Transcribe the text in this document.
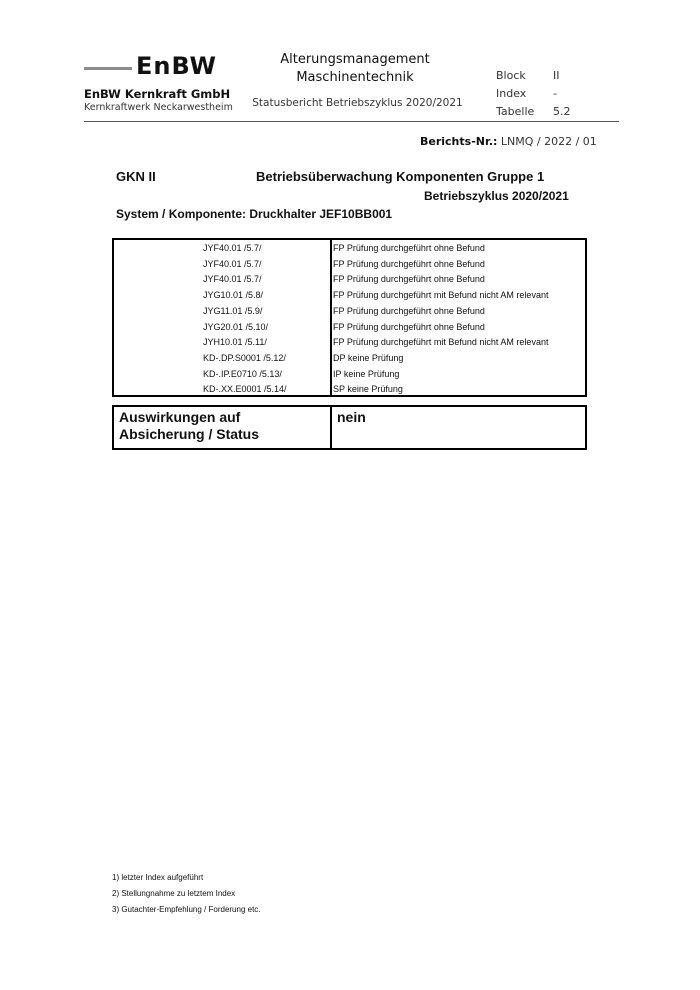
EnBW
EnBW Kernkraft GmbH
Kernkraftwerk Neckarwestheim
Alterungsmanagement
Maschinentechnik
Statusbericht Betriebszyklus 2020/2021
Block II
Index -
Tabelle 5.2
Berichts-Nr.: LNMQ / 2022 / 01
GKN II	Betriebsüberwachung Komponenten Gruppe 1
Betriebszyklus 2020/2021
System / Komponente: Druckhalter JEF10BB001
JYF40.01 /5.7/	FP Prüfung durchgeführt ohne Befund
JYF40.01 /5.7/	FP Prüfung durchgeführt ohne Befund
JYF40.01 /5.7/	FP Prüfung durchgeführt ohne Befund
JYG10.01 /5.8/	FP Prüfung durchgeführt mit Befund nicht AM relevant
JYG11.01 /5.9/	FP Prüfung durchgeführt ohne Befund
JYG20.01 /5.10/	FP Prüfung durchgeführt ohne Befund
JYH10.01 /5.11/	FP Prüfung durchgeführt mit Befund nicht AM relevant
KD-.DP.S0001 /5.12/	DP keine Prüfung
KD-.IP.E0710 /5.13/	IP keine Prüfung
KD-.XX.E0001 /5.14/	SP keine Prüfung
Auswirkungen auf Absicherung / Status
nein
1) letzter Index aufgeführt
2) Stellungnahme zu letztem Index
3) Gutachter-Empfehlung / Forderung etc.
